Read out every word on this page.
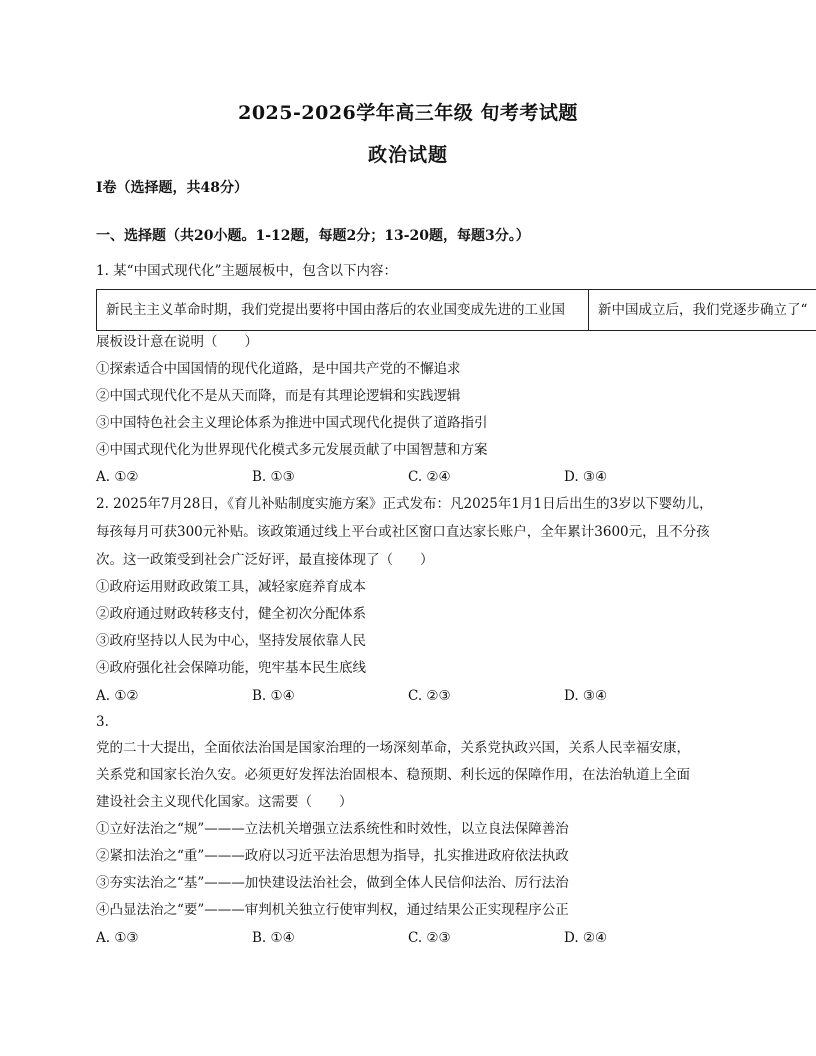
2025-2026学年高三年级 旬考考试题
政治试题
Ⅰ卷（选择题，共48分）
一、选择题（共20小题。1-12题，每题2分；13-20题，每题3分。）
1. 某“中国式现代化”主题展板中，包含以下内容：
新民主主义革命时期，我们党提出要将中国由落后的农业国变成先进的工业国	新中国成立后，我们党逐步确立了“
展板设计意在说明（　　）
①探索适合中国国情的现代化道路，是中国共产党的不懈追求
②中国式现代化不是从天而降，而是有其理论逻辑和实践逻辑
③中国特色社会主义理论体系为推进中国式现代化提供了道路指引
④中国式现代化为世界现代化模式多元发展贡献了中国智慧和方案
A. ①②	B. ①③	C. ②④	D. ③④
2. 2025年7月28日，《育儿补贴制度实施方案》正式发布：凡2025年1月1日后出生的3岁以下婴幼儿，
每孩每月可获300元补贴。该政策通过线上平台或社区窗口直达家长账户，全年累计3600元，且不分孩
次。这一政策受到社会广泛好评，最直接体现了（　　）
①政府运用财政政策工具，减轻家庭养育成本
②政府通过财政转移支付，健全初次分配体系
③政府坚持以人民为中心，坚持发展依靠人民
④政府强化社会保障功能，兜牢基本民生底线
A. ①②	B. ①④	C. ②③	D. ③④
3.
党的二十大提出，全面依法治国是国家治理的一场深刻革命，关系党执政兴国，关系人民幸福安康，
关系党和国家长治久安。必须更好发挥法治固根本、稳预期、利长远的保障作用，在法治轨道上全面
建设社会主义现代化国家。这需要（　　）
①立好法治之“规”———立法机关增强立法系统性和时效性，以立良法保障善治
②紧扣法治之“重”———政府以习近平法治思想为指导，扎实推进政府依法执政
③夯实法治之“基”———加快建设法治社会，做到全体人民信仰法治、厉行法治
④凸显法治之“要”———审判机关独立行使审判权，通过结果公正实现程序公正
A. ①③	B. ①④	C. ②③	D. ②④
